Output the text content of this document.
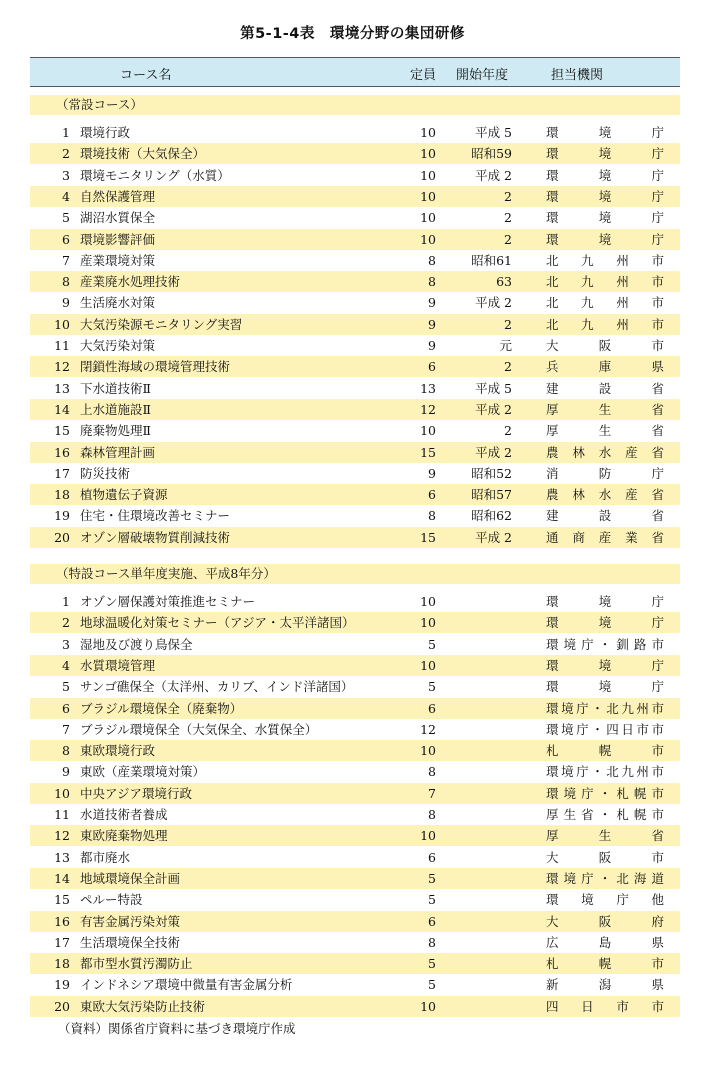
第5-1-4表　環境分野の集団研修
コース名	定員 開始年度	担当機関
（常設コース）
1 環境行政	10	平成 5	環境庁
2 環境技術（大気保全）	10	昭和59	環境庁
3 環境モニタリング（水質）	10	平成 2	環境庁
4 自然保護管理	10	2	環境庁
5 湖沼水質保全	10	2	環境庁
6 環境影響評価	10	2	環境庁
7 産業環境対策	8	昭和61	北九州市
8 産業廃水処理技術	8	63	北九州市
9 生活廃水対策	9	平成 2	北九州市
10 大気汚染源モニタリング実習	9	2	北九州市
11 大気汚染対策	9	元	大阪市
12 閉鎖性海域の環境管理技術	6	2	兵庫県
13 下水道技術Ⅱ	13	平成 5	建設省
14 上水道施設Ⅱ	12	平成 2	厚生省
15 廃棄物処理Ⅱ	10	2	厚生省
16 森林管理計画	15	平成 2	農林水産省
17 防災技術	9	昭和52	消防庁
18 植物遺伝子資源	6	昭和57	農林水産省
19 住宅・住環境改善セミナー	8	昭和62	建設省
20 オゾン層破壊物質削減技術	15	平成 2	通商産業省
（特設コース単年度実施、平成8年分）
1 オゾン層保護対策推進セミナー	10	環境庁
2 地球温暖化対策セミナー（アジア・太平洋諸国）	10	環境庁
3 湿地及び渡り鳥保全	5	環境庁・釧路市
4 水質環境管理	10	環境庁
5 サンゴ礁保全（太洋州、カリブ、インド洋諸国）	5	環境庁
6 ブラジル環境保全（廃棄物）	6	環境庁・北九州市
7 ブラジル環境保全（大気保全、水質保全）	12	環境庁・四日市市
8 東欧環境行政	10	札幌市
9 東欧（産業環境対策）	8	環境庁・北九州市
10 中央アジア環境行政	7	環境庁・札幌市
11 水道技術者養成	8	厚生省・札幌市
12 東欧廃棄物処理	10	厚生省
13 都市廃水	6	大阪市
14 地域環境保全計画	5	環境庁・北海道
15 ペルー特設	5	環境庁他
16 有害金属汚染対策	6	大阪府
17 生活環境保全技術	8	広島県
18 都市型水質汚濁防止	5	札幌市
19 インドネシア環境中微量有害金属分析	5	新潟県
20 東欧大気汚染防止技術	10	四日市市
（資料）関係省庁資料に基づき環境庁作成
